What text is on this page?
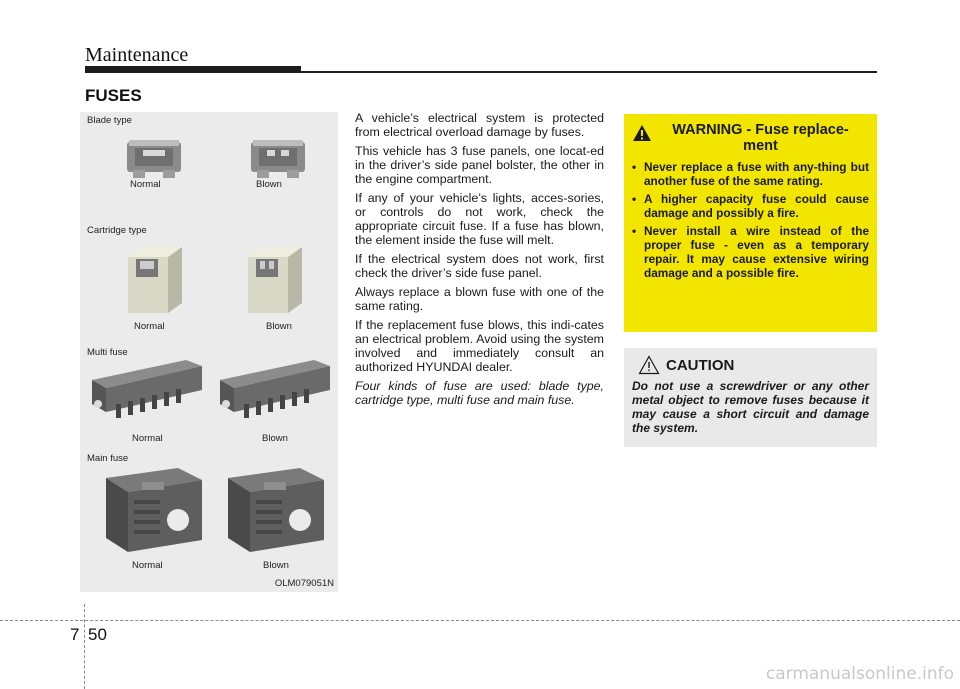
Maintenance
FUSES
Blade type
Normal	Blown
Cartridge type
Normal	Blown
Multi fuse
Normal	Blown
Main fuse
Normal	Blown
OLM079051N

A vehicle’s electrical system is protected from electrical overload damage by fuses.

This vehicle has 3 fuse panels, one locat-ed in the driver’s side panel bolster, the other in the engine compartment.

If any of your vehicle’s lights, acces-sories, or controls do not work, check the appropriate circuit fuse. If a fuse has blown, the element inside the fuse will melt.

If the electrical system does not work, first check the driver’s side fuse panel.

Always replace a blown fuse with one of the same rating.

If the replacement fuse blows, this indi-cates an electrical problem. Avoid using the system involved and immediately consult an authorized HYUNDAI dealer.

Four kinds of fuse are used: blade type, cartridge type, multi fuse and main fuse.

WARNING - Fuse replace-ment
• Never replace a fuse with any-thing but another fuse of the same rating.
• A higher capacity fuse could cause damage and possibly a fire.
• Never install a wire instead of the proper fuse - even as a temporary repair. It may cause extensive wiring damage and a possible fire.
CAUTION
Do not use a screwdriver or any other metal object to remove fuses because it may cause a short circuit and damage the system.
7 50
carmanualsonline.info
